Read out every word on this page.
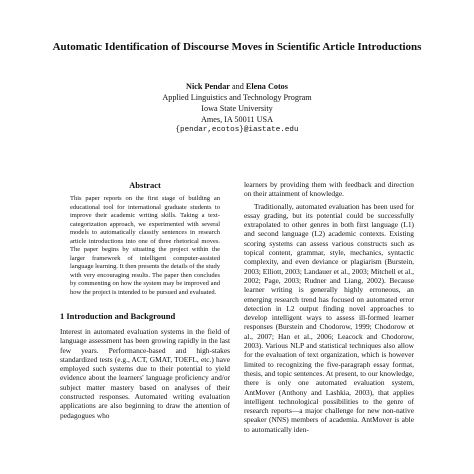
Automatic Identification of Discourse Moves in Scientific Article Introductions
Nick Pendar and Elena Cotos
Applied Linguistics and Technology Program
Iowa State University
Ames, IA 50011 USA
{pendar,ecotos}@iastate.edu
Abstract

This paper reports on the first stage of building an educational tool for international graduate students to improve their academic writing skills. Taking a text-categorization approach, we experimented with several models to automatically classify sentences in research article introductions into one of three rhetorical moves. The paper begins by situating the project within the larger framework of intelligent computer-assisted language learning. It then presents the details of the study with very encouraging results. The paper then concludes by commenting on how the system may be improved and how the project is intended to be pursued and evaluated.

1 Introduction and Background

Interest in automated evaluation systems in the field of language assessment has been growing rapidly in the last few years. Performance-based and high-stakes standardized tests (e.g., ACT, GMAT, TOEFL, etc.) have employed such systems due to their potential to yield evidence about the learners' language proficiency and/or subject matter mastery based on analyses of their constructed responses. Automated writing evaluation applications are also beginning to draw the attention of pedagogues who

learners by providing them with feedback and direction on their attainment of knowledge.

Traditionally, automated evaluation has been used for essay grading, but its potential could be successfully extrapolated to other genres in both first language (L1) and second language (L2) academic contexts. Existing scoring systems can assess various constructs such as topical content, grammar, style, mechanics, syntactic complexity, and even deviance or plagiarism (Burstein, 2003; Elliott, 2003; Landauer et al., 2003; Mitchell et al., 2002; Page, 2003; Rudner and Liang, 2002). Because learner writing is generally highly erroneous, an emerging research trend has focused on automated error detection in L2 output finding novel approaches to develop intelligent ways to assess ill-formed learner responses (Burstein and Chodorow, 1999; Chodorow et al., 2007; Han et al., 2006; Leacock and Chodorow, 2003). Various NLP and statistical techniques also allow for the evaluation of text organization, which is however limited to recognizing the five-paragraph essay format, thesis, and topic sentences. At present, to our knowledge, there is only one automated evaluation system, AntMover (Anthony and Lashkia, 2003), that applies intelligent technological possibilities to the genre of research reports—a major challenge for new non-native speaker (NNS) members of academia. AntMover is able to automatically iden-
